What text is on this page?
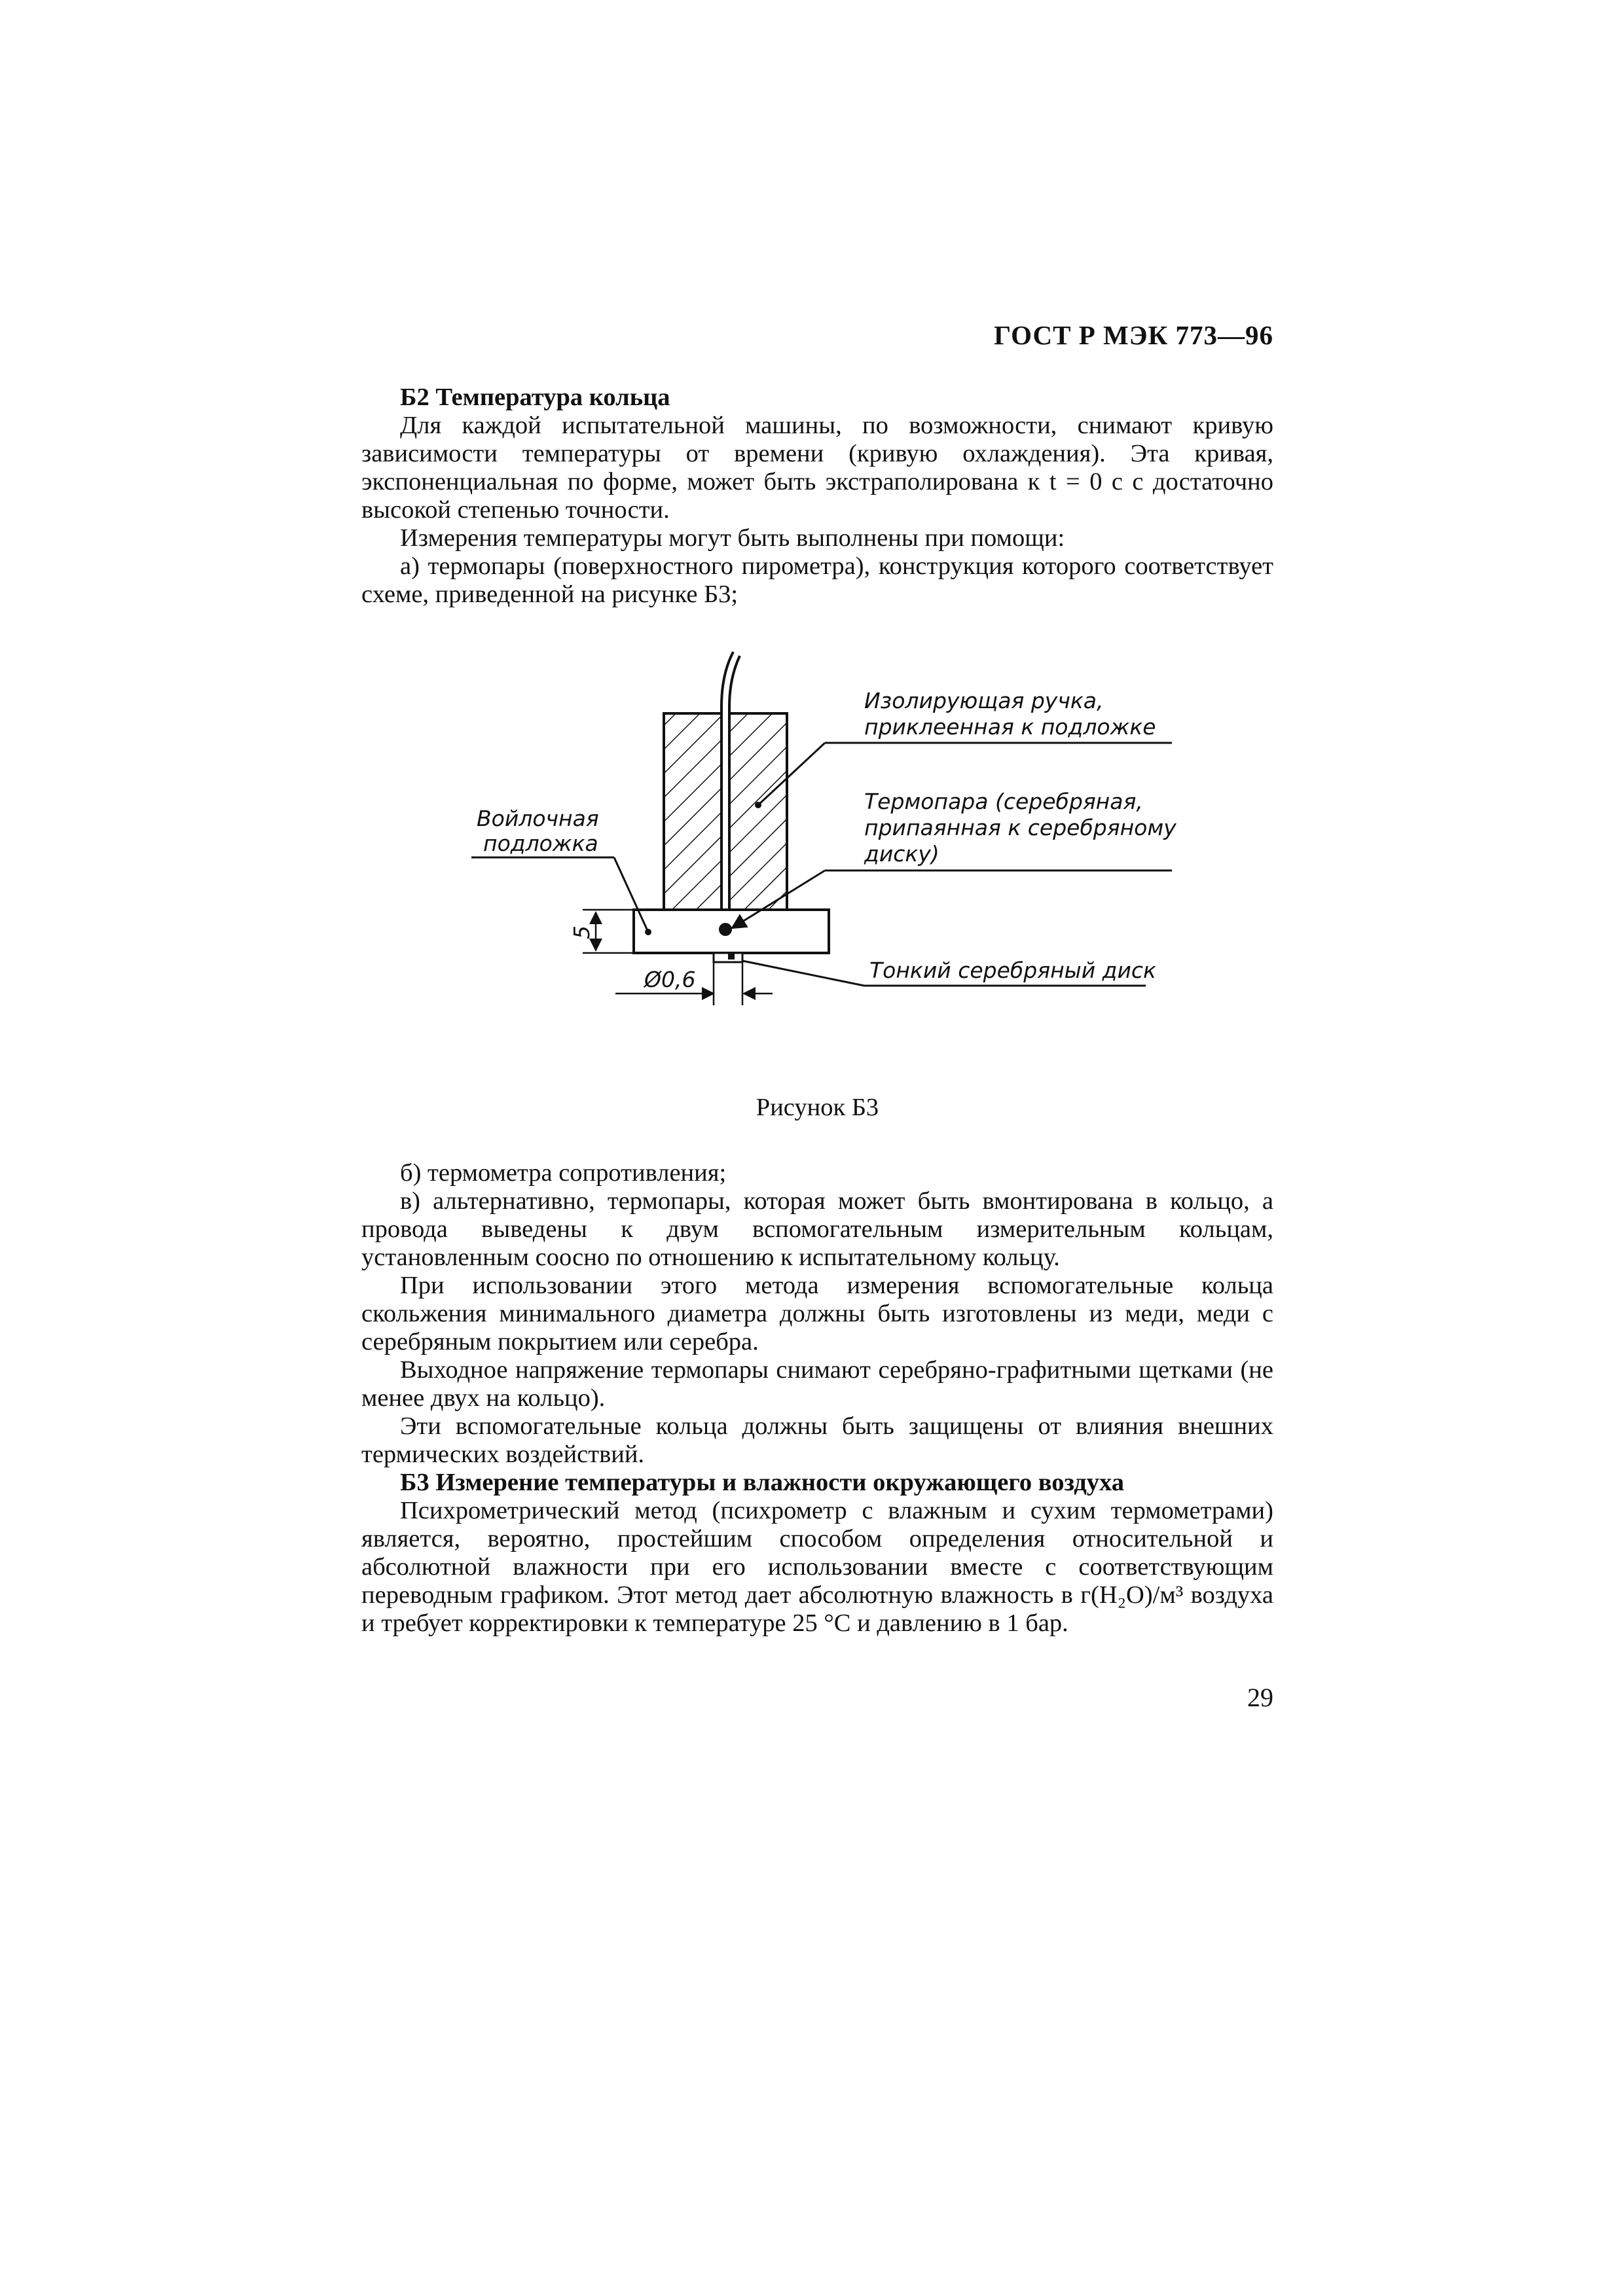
ГОСТ Р МЭК 773—96

Б2 Температура кольца

Для каждой испытательной машины, по возможности, снимают кривую зависимости температуры от времени (кривую охлаждения). Эта кривая, экспоненциальная по форме, может быть экстраполирована к t = 0 с с достаточно высокой степенью точности.

Измерения температуры могут быть выполнены при помощи:

а) термопары (поверхностного пирометра), конструкция которого соответствует схеме, приведенной на рисунке Б3;

5
Ø0,6
Изолирующая ручка,
приклеенная к подложке
Термопара (серебряная,
припаянная к серебряному
диску)
Войлочная
подложка
Тонкий серебряный диск
Рисунок Б3

б) термометра сопротивления;

в) альтернативно, термопары, которая может быть вмонтирована в кольцо, а провода выведены к двум вспомогательным измерительным кольцам, установленным соосно по отношению к испытательному кольцу.

При использовании этого метода измерения вспомогательные кольца скольжения минимального диаметра должны быть изготовлены из меди, меди с серебряным покрытием или серебра.

Выходное напряжение термопары снимают серебряно-графитными щетками (не менее двух на кольцо).

Эти вспомогательные кольца должны быть защищены от влияния внешних термических воздействий.

Б3 Измерение температуры и влажности окружающего воздуха

Психрометрический метод (психрометр с влажным и сухим термометрами) является, вероятно, простейшим способом определения относительной и абсолютной влажности при его использовании вместе с соответствующим переводным графиком. Этот метод дает абсолютную влажность в г(H₂O)/м³ воздуха и требует корректировки к температуре 25 °С и давлению в 1 бар.

29
